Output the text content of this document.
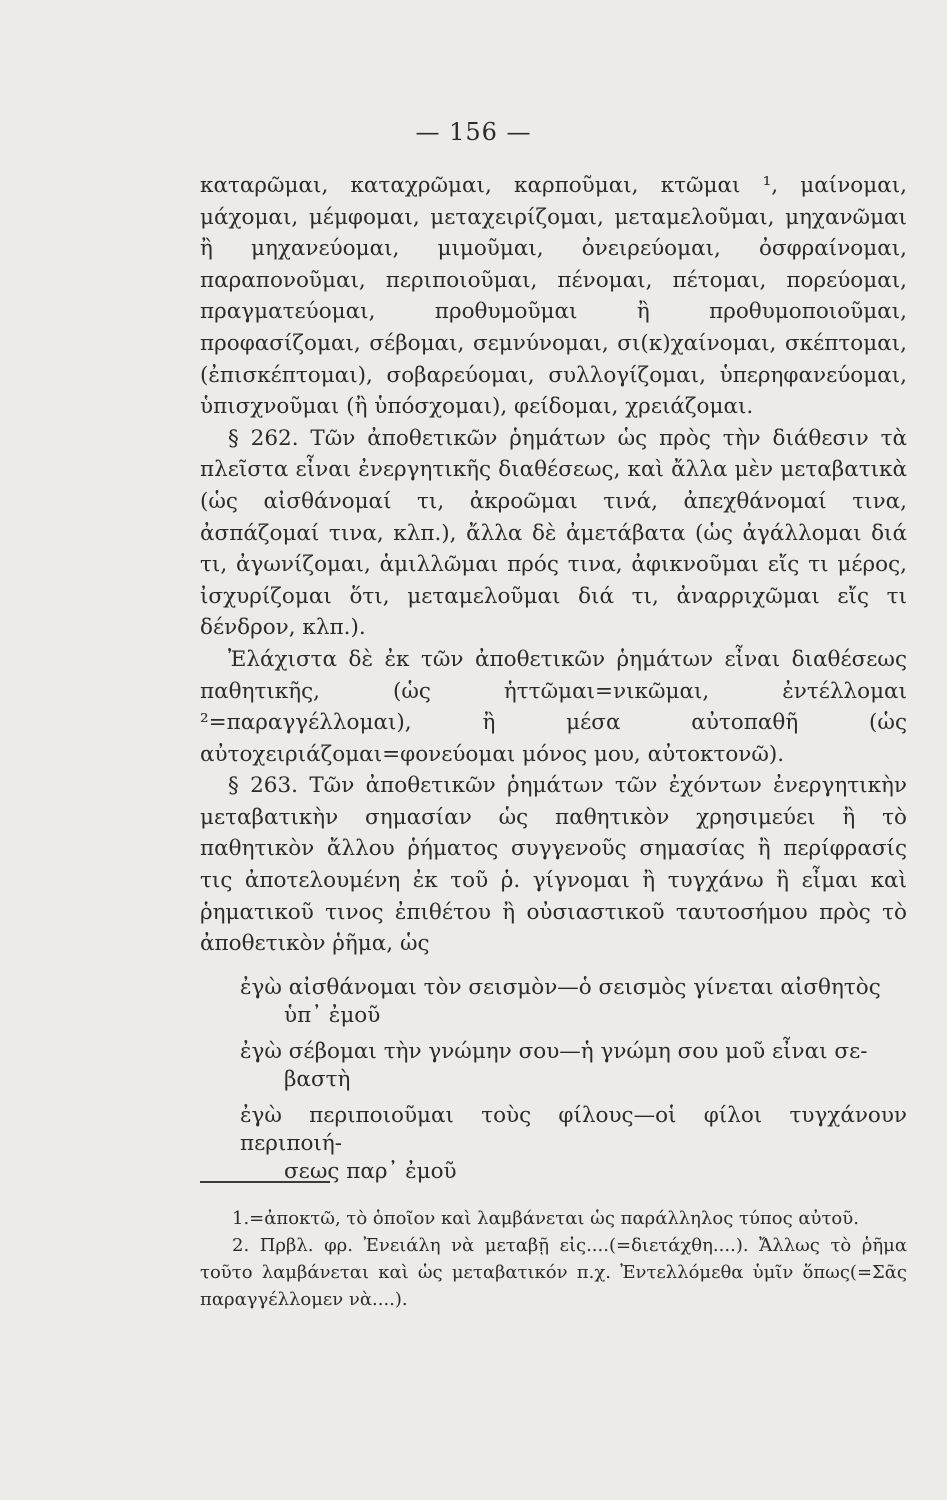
— 156 —

καταρῶμαι, καταχρῶμαι, καρποῦμαι, κτῶμαι ¹, μαίνομαι, μάχομαι, μέμφομαι, μεταχειρίζομαι, μεταμελοῦμαι, μηχανῶμαι ἢ μηχανεύομαι, μιμοῦμαι, ὀνειρεύομαι, ὀσφραίνομαι, παραπονοῦμαι, περιποιοῦμαι, πένομαι, πέτομαι, πορεύομαι, πραγματεύομαι, προθυμοῦμαι ἢ προθυμοποιοῦμαι, προφασίζομαι, σέβομαι, σεμνύνομαι, σι(κ)χαίνομαι, σκέπτομαι, (ἐπισκέπτομαι), σοβαρεύομαι, συλλογίζομαι, ὑπερηφανεύομαι, ὑπισχνοῦμαι (ἢ ὑπόσχομαι), φείδομαι, χρειάζομαι.

§ 262. Τῶν ἀποθετικῶν ῥημάτων ὡς πρὸς τὴν διάθεσιν τὰ πλεῖστα εἶναι ἐνεργητικῆς διαθέσεως, καὶ ἄλλα μὲν μεταβατικὰ (ὡς αἰσθάνομαί τι, ἀκροῶμαι τινά, ἀπεχθάνομαί τινα, ἀσπάζομαί τινα, κλπ.), ἄλλα δὲ ἀμετάβατα (ὡς ἀγάλλομαι διά τι, ἀγωνίζομαι, ἁμιλλῶμαι πρός τινα, ἀφικνοῦμαι εἴς τι μέρος, ἰσχυρίζομαι ὅτι, μεταμελοῦμαι διά τι, ἀναρριχῶμαι εἴς τι δένδρον, κλπ.).

Ἐλάχιστα δὲ ἐκ τῶν ἀποθετικῶν ῥημάτων εἶναι διαθέσεως παθητικῆς, (ὡς ἡττῶμαι=νικῶμαι, ἐντέλλομαι ²=παραγγέλλομαι), ἢ μέσα αὐτοπαθῆ (ὡς αὐτοχειριάζομαι=φονεύομαι μόνος μου, αὐτοκτονῶ).

§ 263. Τῶν ἀποθετικῶν ῥημάτων τῶν ἐχόντων ἐνεργητικὴν μεταβατικὴν σημασίαν ὡς παθητικὸν χρησιμεύει ἢ τὸ παθητικὸν ἄλλου ῥήματος συγγενοῦς σημασίας ἢ περίφρασίς τις ἀποτελουμένη ἐκ τοῦ ῥ. γίγνομαι ἢ τυγχάνω ἢ εἶμαι καὶ ῥηματικοῦ τινος ἐπιθέτου ἢ οὐσιαστικοῦ ταυτοσήμου πρὸς τὸ ἀποθετικὸν ῥῆμα, ὡς

ἐγὼ αἰσθάνομαι τὸν σεισμὸν—ὁ σεισμὸς γίνεται αἰσθητὸς
ὑπ᾽ ἐμοῦ

ἐγὼ σέβομαι τὴν γνώμην σου—ἡ γνώμη σου μοῦ εἶναι σε-
βαστὴ

ἐγὼ περιποιοῦμαι τοὺς φίλους—οἱ φίλοι τυγχάνουν περιποιή-
σεως παρ᾽ ἐμοῦ

1.=ἀποκτῶ, τὸ ὁποῖον καὶ λαμβάνεται ὡς παράλληλος τύπος αὐτοῦ.

2. Πρβλ. φρ. Ἐνειάλη νὰ μεταβῇ εἰς....(=διετάχθη....). Ἄλλως τὸ ῥῆμα τοῦτο λαμβάνεται καὶ ὡς μεταβατικόν π.χ. Ἐντελλόμεθα ὑμῖν ὅπως(=Σᾶς παραγγέλλομεν νὰ....).
